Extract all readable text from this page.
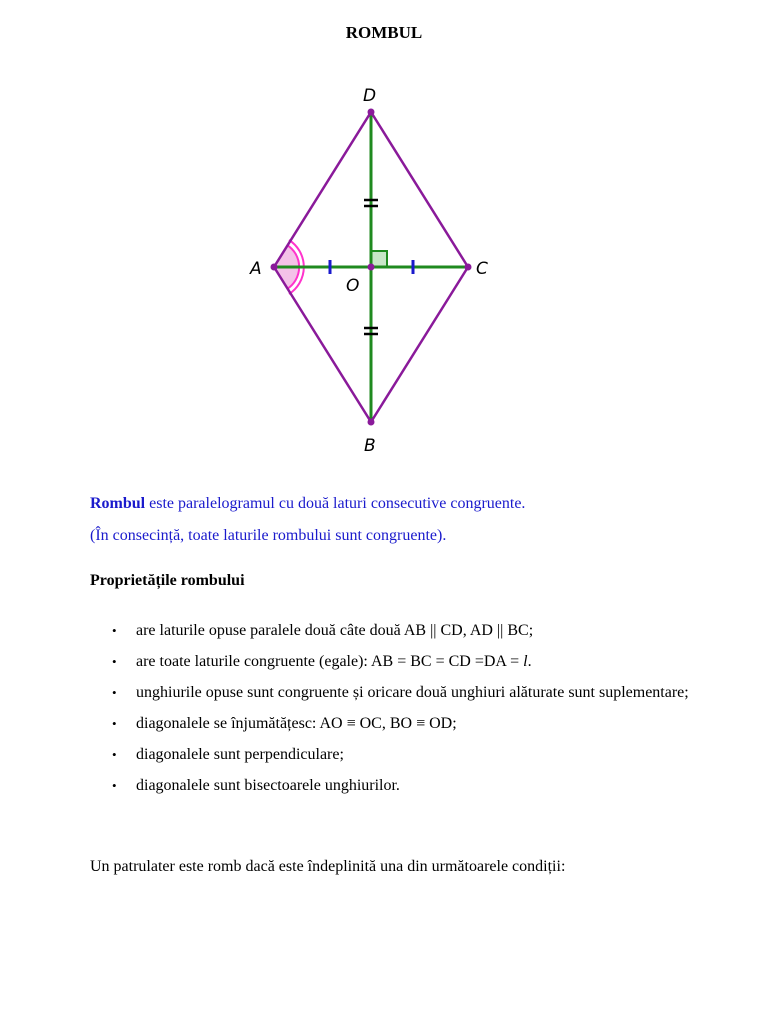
ROMBUL
D
A
O
C
B
Rombul este paralelogramul cu două laturi consecutive congruente.
(În consecință, toate laturile rombului sunt congruente).
Proprietățile rombului
• are laturile opuse paralele două câte două AB || CD, AD || BC;
• are toate laturile congruente (egale): AB = BC = CD =DA = l.
• unghiurile opuse sunt congruente și oricare două unghiuri alăturate sunt suplementare;
• diagonalele se înjumătățesc: AO ≡ OC, BO ≡ OD;
• diagonalele sunt perpendiculare;
• diagonalele sunt bisectoarele unghiurilor.
Un patrulater este romb dacă este îndeplinită una din următoarele condiții:
